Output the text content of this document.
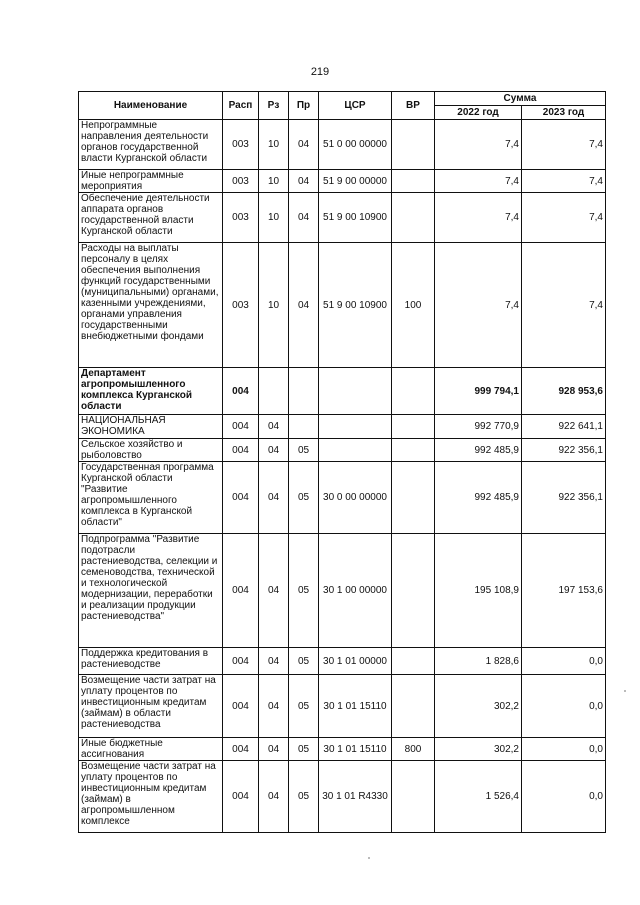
219
Наименование	Расп	Рз	Пр	ЦСР	ВР	Сумма	
						2022 год	2023 год
Непрограммные направления деятельности органов государственной власти Курганской области	003	10	04	51 0 00 00000		7,4	7,4
Иные непрограммные мероприятия	003	10	04	51 9 00 00000		7,4	7,4
Обеспечение деятельности аппарата органов государственной власти Курганской области	003	10	04	51 9 00 10900		7,4	7,4
Расходы на выплаты персоналу в целях обеспечения выполнения функций государственными (муниципальными) органами, казенными учреждениями, органами управления государственными внебюджетными фондами	003	10	04	51 9 00 10900	100	7,4	7,4
Департамент агропромышленного комплекса Курганской области	004					999 794,1	928 953,6
НАЦИОНАЛЬНАЯ ЭКОНОМИКА	004	04				992 770,9	922 641,1
Сельское хозяйство и рыболовство	004	04	05			992 485,9	922 356,1
Государственная программа Курганской области "Развитие агропромышленного комплекса в Курганской области"	004	04	05	30 0 00 00000		992 485,9	922 356,1
Подпрограмма "Развитие подотрасли растениеводства, селекции и семеноводства, технической и технологической модернизации, переработки и реализации продукции растениеводства"	004	04	05	30 1 00 00000		195 108,9	197 153,6
Поддержка кредитования в растениеводстве	004	04	05	30 1 01 00000		1 828,6	0,0
Возмещение части затрат на уплату процентов по инвестиционным кредитам (займам) в области растениеводства	004	04	05	30 1 01 15110		302,2	0,0
Иные бюджетные ассигнования	004	04	05	30 1 01 15110	800	302,2	0,0
Возмещение части затрат на уплату процентов по инвестиционным кредитам (займам) в агропромышленном комплексе	004	04	05	30 1 01 R4330		1 526,4	0,0
